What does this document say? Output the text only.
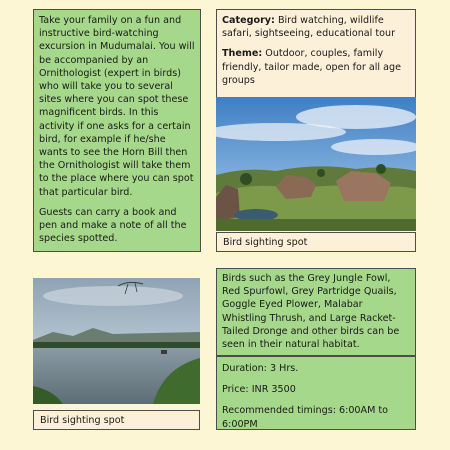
Take your family on a fun and instructive bird-watching excursion in Mudumalai. You will be accompanied by an Ornithologist (expert in birds) who will take you to several sites where you can spot these magnificent birds. In this activity if one asks for a certain bird, for example if he/she wants to see the Horn Bill then the Ornithologist will take them to the place where you can spot that particular bird.

Guests can carry a book and pen and make a note of all the species spotted.

Category: Bird watching, wildlife safari, sightseeing, educational tour

Theme: Outdoor, couples, family friendly, tailor made, open for all age groups

Bird sighting spot
Bird sighting spot

Birds such as the Grey Jungle Fowl, Red Spurfowl, Grey Partridge Quails, Goggle Eyed Plower, Malabar Whistling Thrush, and Large Racket-Tailed Dronge and other birds can be seen in their natural habitat.

Duration: 3 Hrs.

Price: INR 3500

Recommended timings: 6:00AM to 6:00PM
